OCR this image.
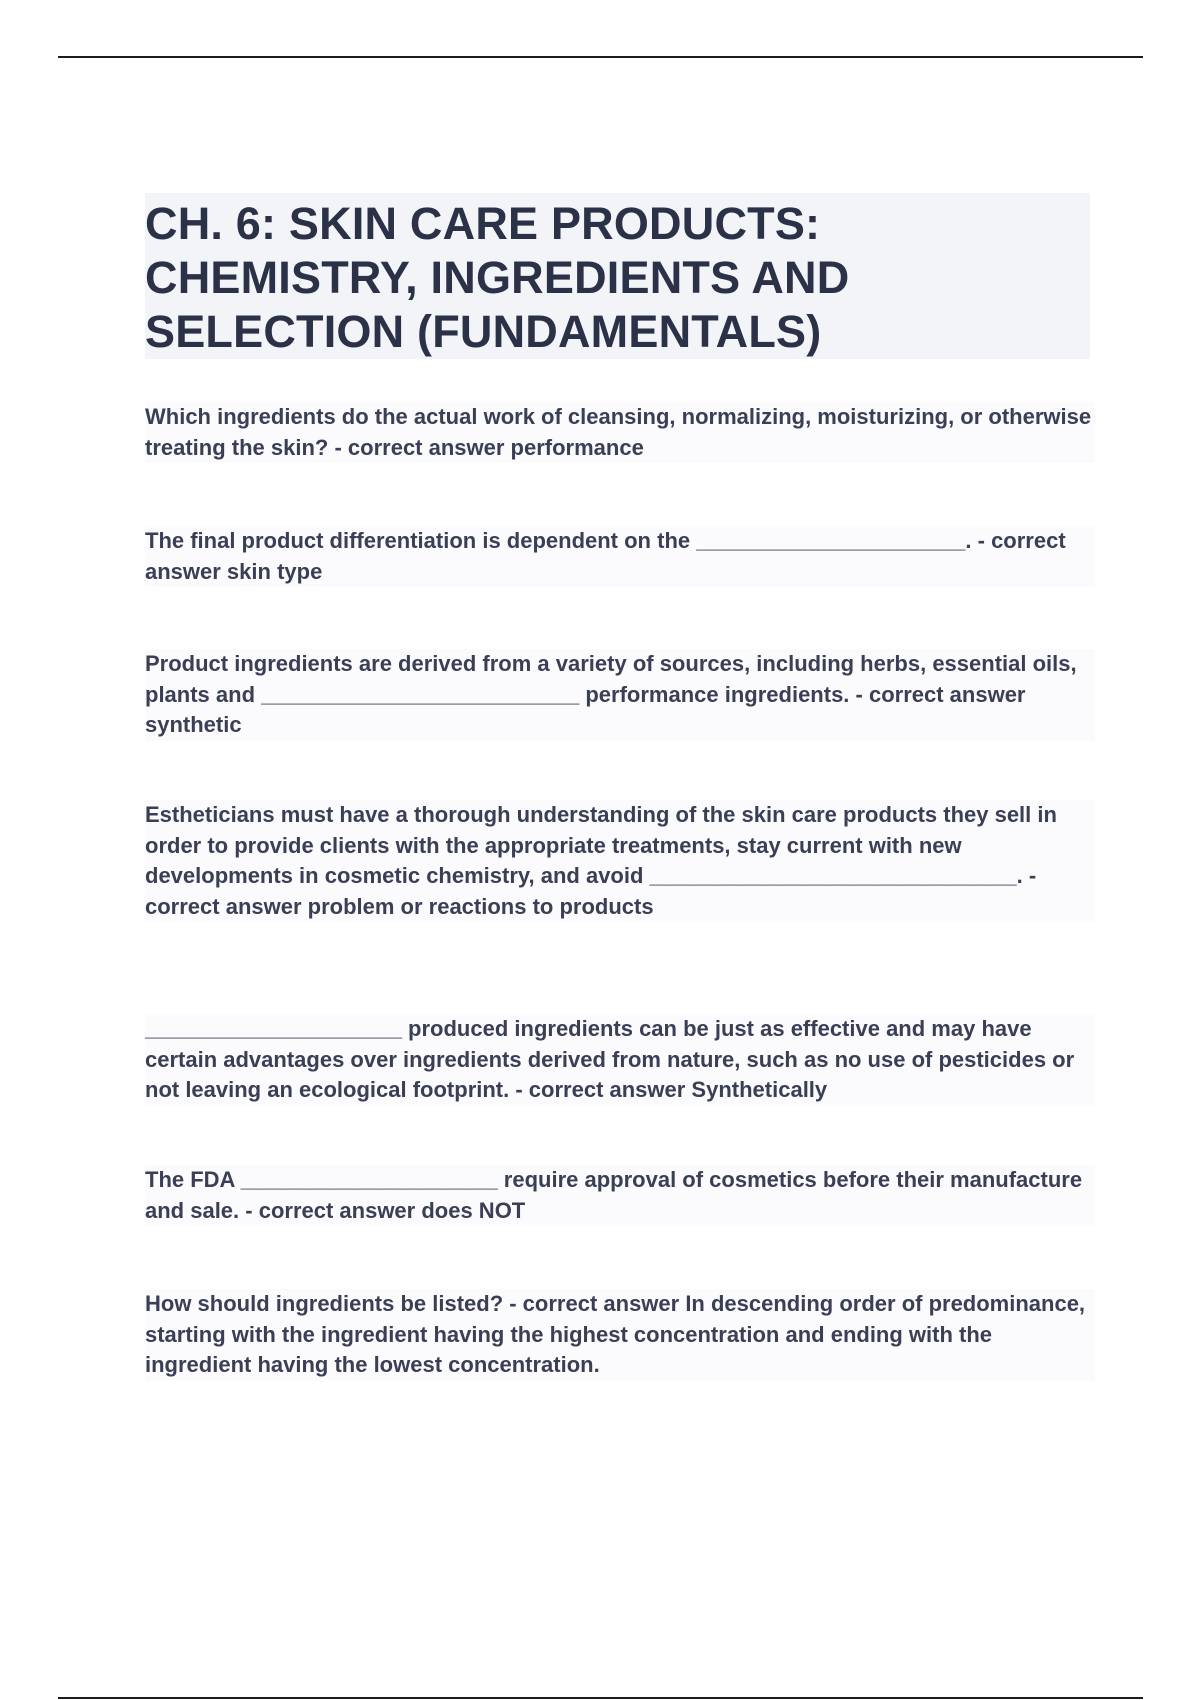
CH. 6: SKIN CARE PRODUCTS: CHEMISTRY, INGREDIENTS AND SELECTION (FUNDAMENTALS)

Which ingredients do the actual work of cleansing, normalizing, moisturizing, or otherwise treating the skin? - correct answer performance

The final product differentiation is dependent on the ______________________. - correct answer skin type

Product ingredients are derived from a variety of sources, including herbs, essential oils, plants and __________________________ performance ingredients. - correct answer synthetic

Estheticians must have a thorough understanding of the skin care products they sell in order to provide clients with the appropriate treatments, stay current with new developments in cosmetic chemistry, and avoid ______________________________. - correct answer problem or reactions to products

_____________________ produced ingredients can be just as effective and may have certain advantages over ingredients derived from nature, such as no use of pesticides or not leaving an ecological footprint. - correct answer Synthetically

The FDA _____________________ require approval of cosmetics before their manufacture and sale. - correct answer does NOT

How should ingredients be listed? - correct answer In descending order of predominance, starting with the ingredient having the highest concentration and ending with the ingredient having the lowest concentration.
